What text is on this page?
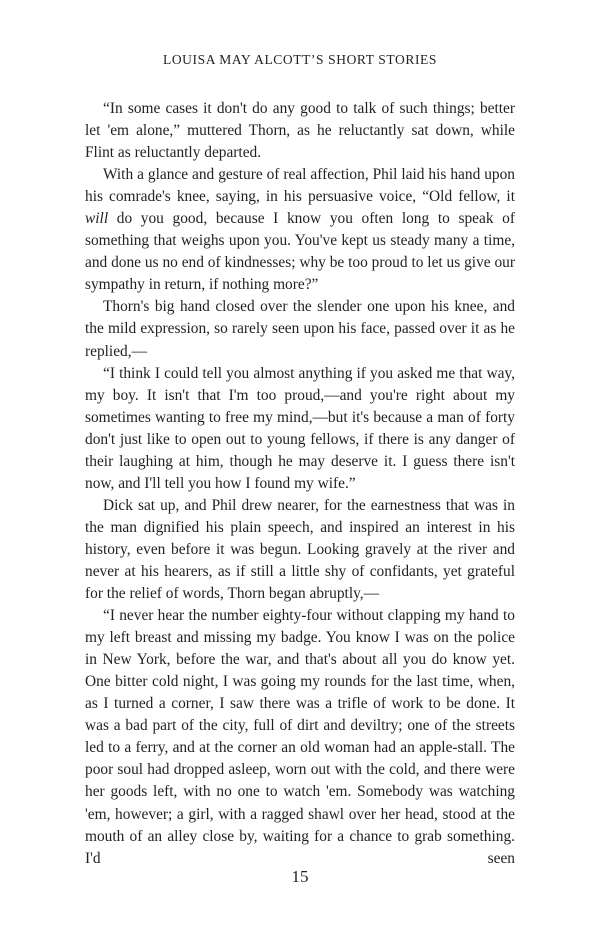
LOUISA MAY ALCOTT’S SHORT STORIES

“In some cases it don't do any good to talk of such things; better let 'em alone,” muttered Thorn, as he reluctantly sat down, while Flint as reluctantly departed.

With a glance and gesture of real affection, Phil laid his hand upon his comrade's knee, saying, in his persuasive voice, “Old fellow, it will do you good, because I know you often long to speak of something that weighs upon you. You've kept us steady many a time, and done us no end of kindnesses; why be too proud to let us give our sympathy in return, if nothing more?”

Thorn's big hand closed over the slender one upon his knee, and the mild expression, so rarely seen upon his face, passed over it as he replied,—

“I think I could tell you almost anything if you asked me that way, my boy. It isn't that I'm too proud,—and you're right about my sometimes wanting to free my mind,—but it's because a man of forty don't just like to open out to young fellows, if there is any danger of their laughing at him, though he may deserve it. I guess there isn't now, and I'll tell you how I found my wife.”

Dick sat up, and Phil drew nearer, for the earnestness that was in the man dignified his plain speech, and inspired an interest in his history, even before it was begun. Looking gravely at the river and never at his hearers, as if still a little shy of confidants, yet grateful for the relief of words, Thorn began abruptly,—

“I never hear the number eighty-four without clapping my hand to my left breast and missing my badge. You know I was on the police in New York, before the war, and that's about all you do know yet. One bitter cold night, I was going my rounds for the last time, when, as I turned a corner, I saw there was a trifle of work to be done. It was a bad part of the city, full of dirt and deviltry; one of the streets led to a ferry, and at the corner an old woman had an apple-stall. The poor soul had dropped asleep, worn out with the cold, and there were her goods left, with no one to watch 'em. Somebody was watching 'em, however; a girl, with a ragged shawl over her head, stood at the mouth of an alley close by, waiting for a chance to grab something. I'd seen

15
